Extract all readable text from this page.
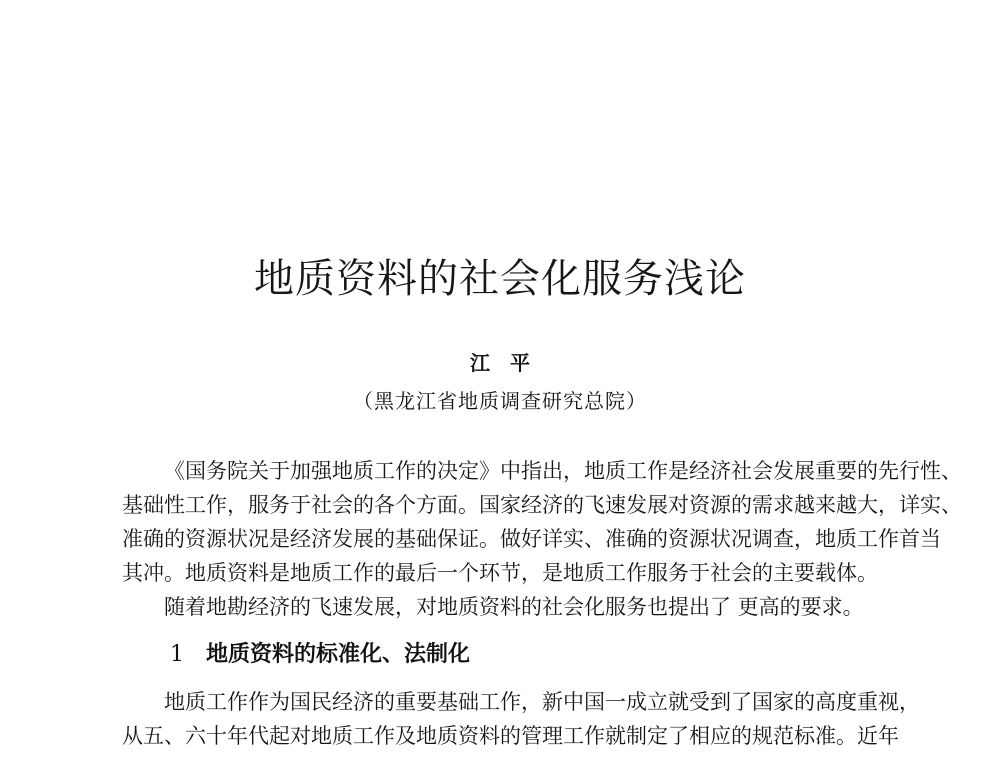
地质资料的社会化服务浅论
江　平
（黑龙江省地质调查研究总院）
《国务院关于加强地质工作的决定》中指出，地质工作是经济社会发展重要的先行性、
基础性工作，服务于社会的各个方面。国家经济的飞速发展对资源的需求越来越大，详实、
准确的资源状况是经济发展的基础保证。做好详实、准确的资源状况调查，地质工作首当
其冲。地质资料是地质工作的最后一个环节，是地质工作服务于社会的主要载体。
随着地勘经济的飞速发展，对地质资料的社会化服务也提出了 更高的要求。
1 地质资料的标准化、法制化
地质工作作为国民经济的重要基础工作，新中国一成立就受到了国家的高度重视，
从五、六十年代起对地质工作及地质资料的管理工作就制定了相应的规范标准。近年
